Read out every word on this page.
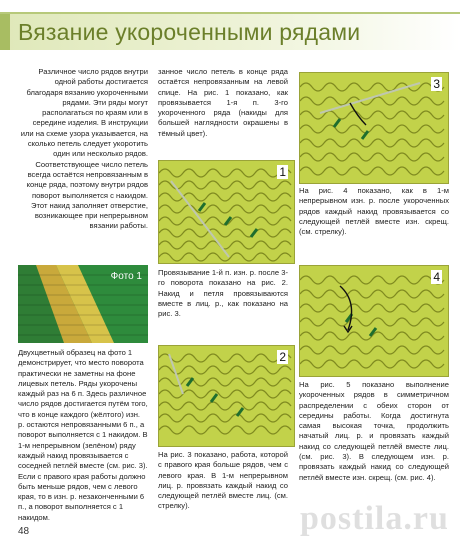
Вязание укороченными рядами
Различное число рядов внутри одной работы достигается благодаря вязанию укороченными рядами. Эти ряды могут располагаться по краям или в середине изделия. В инструкции или на схеме узора указывается, на сколько петель следует укоротить один или несколько рядов. Соответствующее число петель всегда остаётся непровязанным в конце ряда, поэтому внутри рядов поворот выполняется с накидом. Этот накид заполняет отверстие, возникающее при непрерывном вязании работы.
Фото 1
Двухцветный образец на фото 1 демонстрирует, что место поворота практически не заметны на фоне лицевых петель. Ряды укорочены каждый раз на 6 п. Здесь различное число рядов достигается путём того, что в конце каждого (жёлтого) изн. р. остаются непровязанными 6 п., а поворот выполняется с 1 накидом. В 1-м непрерывном (зелёном) ряду каждый накид провязывается с соседней петлёй вместе (см. рис. 3). Если с правого края работы должно быть меньше рядов, чем с левого края, то в изн. р. незаконченными 6 п., а поворот выполняется с 1 накидом.
занное число петель в конце ряда остаётся непровязанным на левой спице. На рис. 1 показано, как провязывается 1-я п. 3-го укороченного ряда (накиды для большей наглядности окрашены в тёмный цвет).
1
Провязывание 1-й п. изн. р. после 3-го поворота показано на рис. 2. Накид и петля провязываются вместе в лиц. р., как показано на рис. 3.
2
На рис. 3 показано, работа, которой с правого края больше рядов, чем с левого края. В 1-м непрерывном лиц. р. провязать каждый накид со следующей петлёй вместе лиц. (см. стрелку).
3
На рис. 4 показано, как в 1-м непрерывном изн. р. после укороченных рядов каждый накид провязывается со следующей петлёй вместе изн. скрещ. (см. стрелку).
4
На рис. 5 показано выполнение укороченных рядов в симметричном распределении с обеих сторон от середины работы. Когда достигнута самая высокая точка, продолжить начатый лиц. р. и провязать каждый накид со следующей петлёй вместе лиц. (см. рис. 3). В следующем изн. р. провязать каждый накид со следующей петлёй вместе изн. скрещ. (см. рис. 4).
48	postila.ru
